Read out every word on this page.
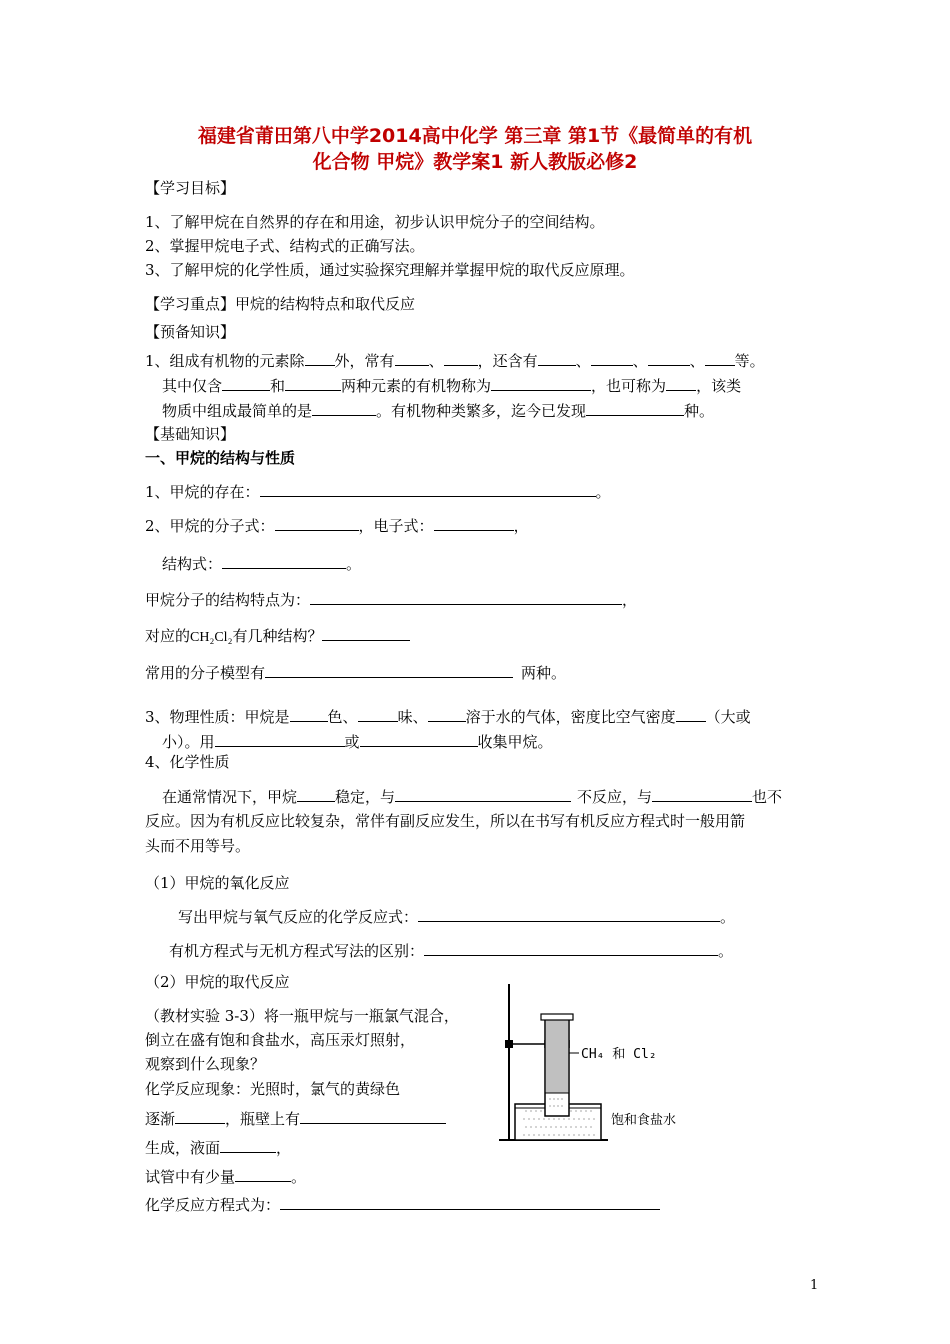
福建省莆田第八中学2014高中化学 第三章 第1节《最简单的有机
化合物 甲烷》教学案1 新人教版必修2
【学习目标】
1、了解甲烷在自然界的存在和用途，初步认识甲烷分子的空间结构。
2、掌握甲烷电子式、结构式的正确写法。
3、了解甲烷的化学性质，通过实验探究理解并掌握甲烷的取代反应原理。
【学习重点】甲烷的结构特点和取代反应
【预备知识】
1、组成有机物的元素除 外，常有 、 ，还含有	、	、	、 等。
其中仅含	和	两种元素的有机物称为	，也可称为 ，该类
物质中组成最简单的是	。有机物种类繁多，迄今已发现	种。
【基础知识】
一、甲烷的结构与性质
1、甲烷的存在：	。
2、甲烷的分子式：	，电子式：	，
结构式：	。
甲烷分子的结构特点为：	，
对应的CH₂Cl₂有几种结构？
常用的分子模型有	两种。
3、物理性质：甲烷是	色、	味、	溶于水的气体，密度比空气密度 （大或
小）。用	或	收集甲烷。
4、化学性质
在通常情况下，甲烷	稳定，与	不反应，与	也不
反应。因为有机反应比较复杂，常伴有副反应发生，所以在书写有机反应方程式时一般用箭
头而不用等号。
（1）甲烷的氧化反应
写出甲烷与氧气反应的化学反应式：	。
有机方程式与无机方程式写法的区别：	。
（2）甲烷的取代反应
（教材实验 3-3）将一瓶甲烷与一瓶氯气混合，
倒立在盛有饱和食盐水，高压汞灯照射，
观察到什么现象？
化学反应现象：光照时，氯气的黄绿色
逐渐	，瓶壁上有
生成，液面	，
试管中有少量	。
化学反应方程式为：
CH₄ 和 Cl₂
饱和食盐水
1
